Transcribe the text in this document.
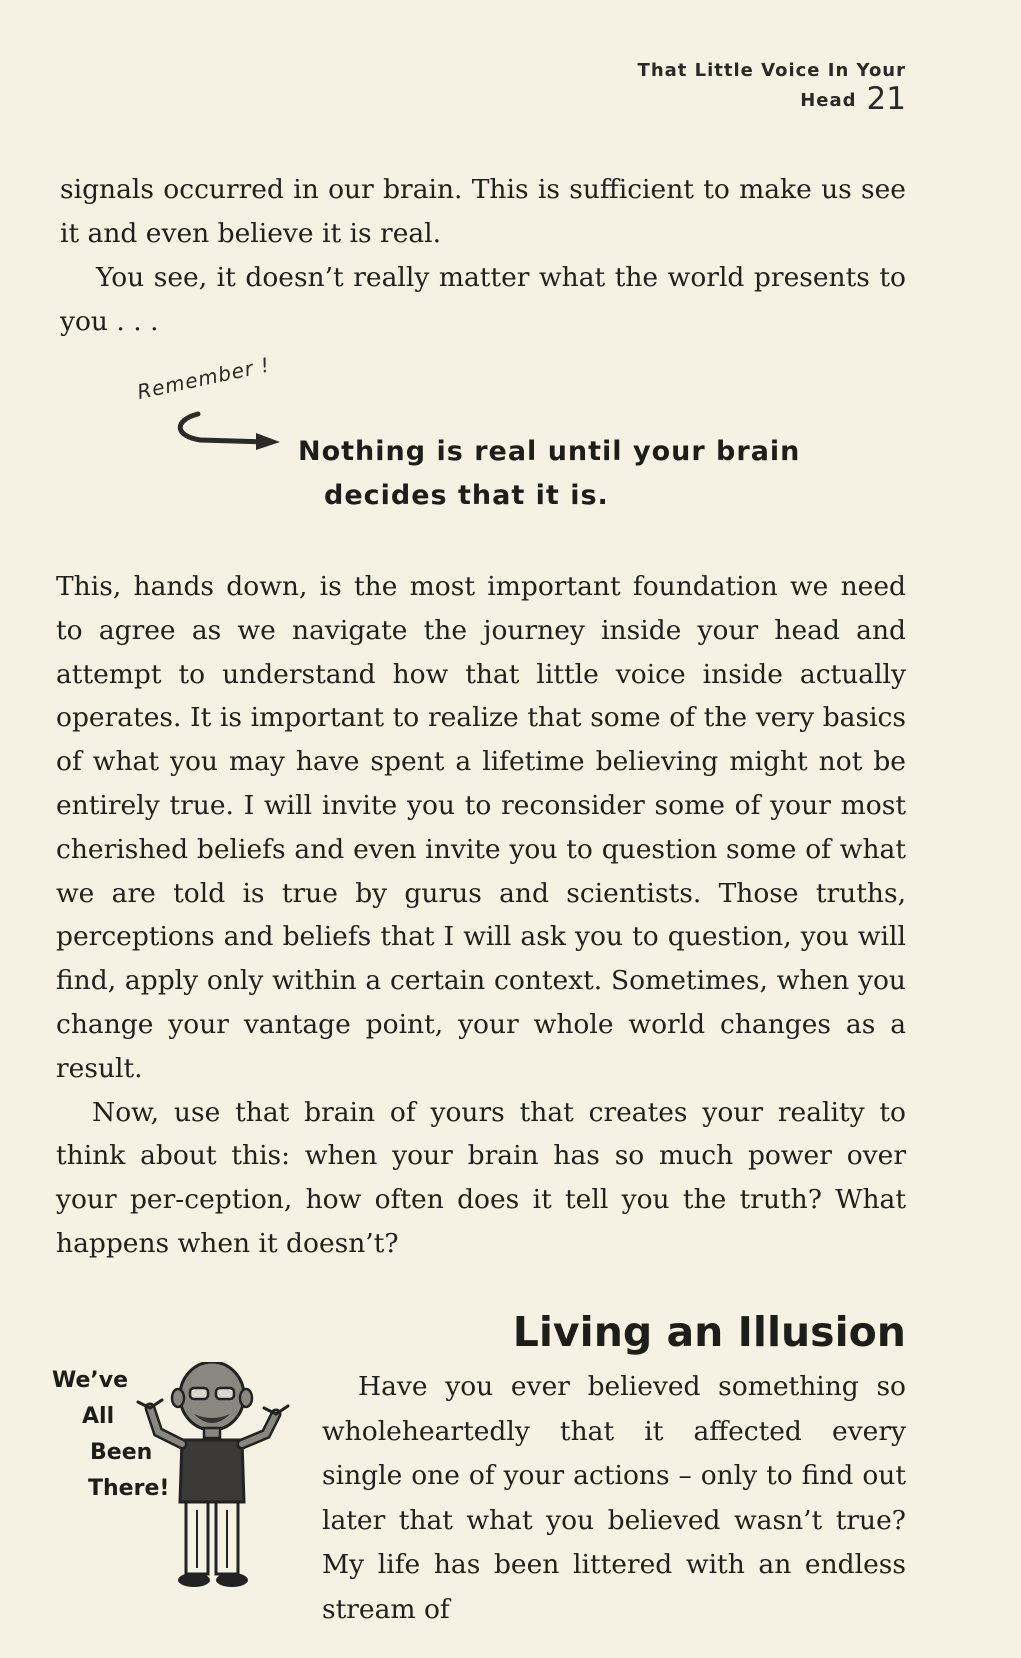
That Little Voice In Your Head 21

signals occurred in our brain. This is sufficient to make us see it and even believe it is real.

You see, it doesn’t really matter what the world presents to you . . .

Remember !
Nothing is real until your brain
decides that it is.

This, hands down, is the most important foundation we need to agree as we navigate the journey inside your head and attempt to understand how that little voice inside actually operates. It is important to realize that some of the very basics of what you may have spent a lifetime believing might not be entirely true. I will invite you to reconsider some of your most cherished beliefs and even invite you to question some of what we are told is true by gurus and scientists. Those truths, perceptions and beliefs that I will ask you to question, you will find, apply only within a certain context. Sometimes, when you change your vantage point, your whole world changes as a result.

Now, use that brain of yours that creates your reality to think about this: when your brain has so much power over your per-ception, how often does it tell you the truth? What happens when it doesn’t?

Living an Illusion
We’ve
All
Been
There!

Have you ever believed something so wholeheartedly that it affected every single one of your actions – only to find out later that what you believed wasn’t true? My life has been littered with an endless stream of
